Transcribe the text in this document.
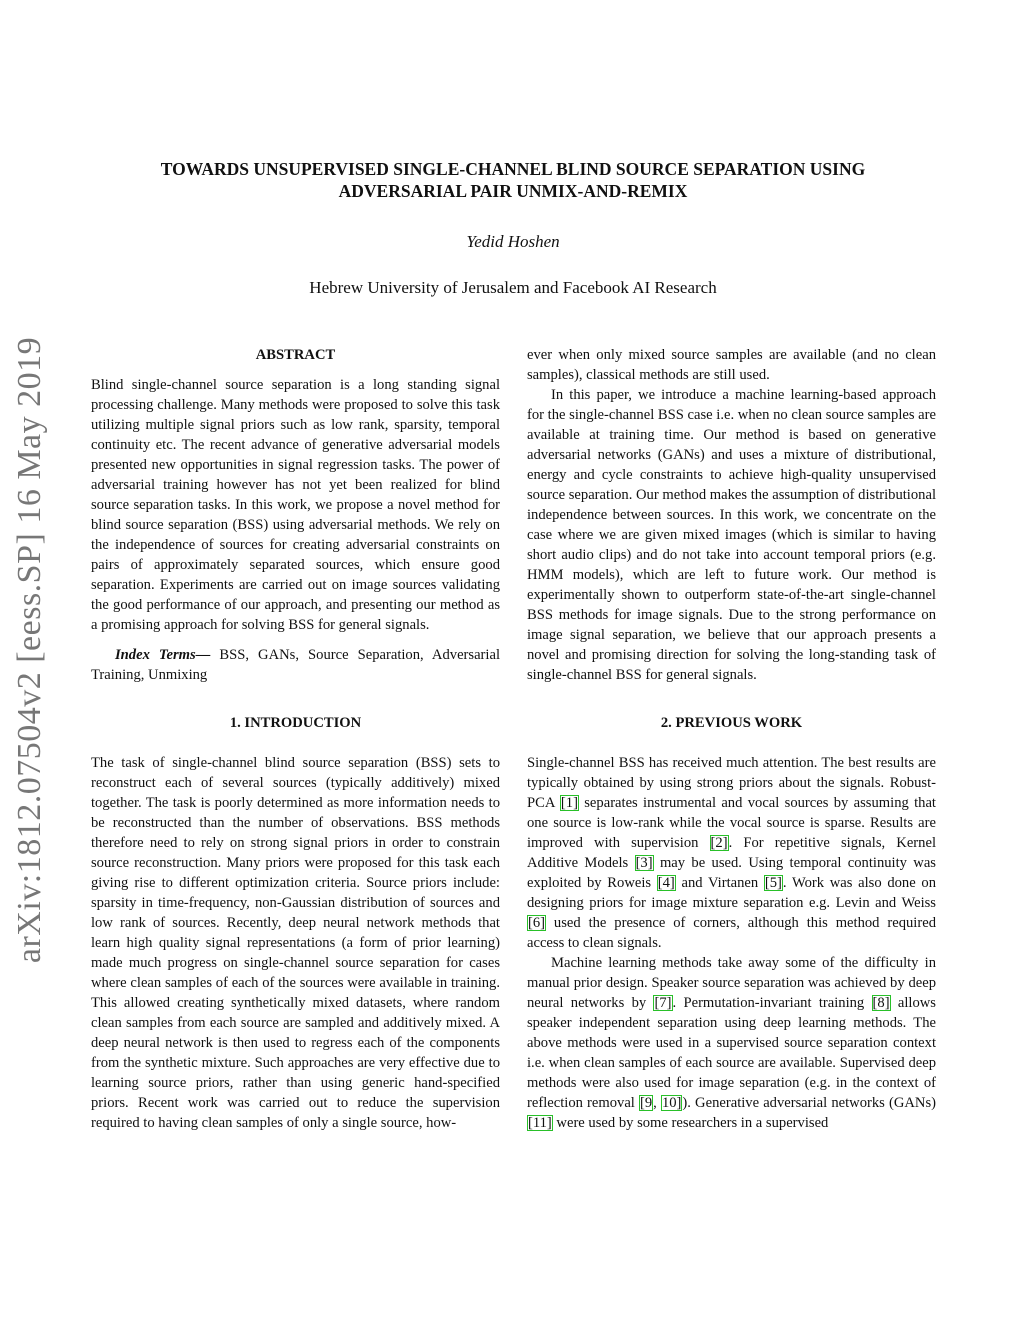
arXiv:1812.07504v2 [eess.SP] 16 May 2019
TOWARDS UNSUPERVISED SINGLE-CHANNEL BLIND SOURCE SEPARATION USING
ADVERSARIAL PAIR UNMIX-AND-REMIX
Yedid Hoshen
Hebrew University of Jerusalem and Facebook AI Research
ABSTRACT

Blind single-channel source separation is a long standing signal processing challenge. Many methods were proposed to solve this task utilizing multiple signal priors such as low rank, sparsity, temporal continuity etc. The recent advance of generative adversarial models presented new opportunities in signal regression tasks. The power of adversarial training however has not yet been realized for blind source separation tasks. In this work, we propose a novel method for blind source separation (BSS) using adversarial methods. We rely on the independence of sources for creating adversarial constraints on pairs of approximately separated sources, which ensure good separation. Experiments are carried out on image sources validating the good performance of our approach, and presenting our method as a promising approach for solving BSS for general signals.

Index Terms— BSS, GANs, Source Separation, Adversarial Training, Unmixing

1. INTRODUCTION

The task of single-channel blind source separation (BSS) sets to reconstruct each of several sources (typically additively) mixed together. The task is poorly determined as more information needs to be reconstructed than the number of observations. BSS methods therefore need to rely on strong signal priors in order to constrain source reconstruction. Many priors were proposed for this task each giving rise to different optimization criteria. Source priors include: sparsity in time-frequency, non-Gaussian distribution of sources and low rank of sources. Recently, deep neural network methods that learn high quality signal representations (a form of prior learning) made much progress on single-channel source separation for cases where clean samples of each of the sources were available in training. This allowed creating synthetically mixed datasets, where random clean samples from each source are sampled and additively mixed. A deep neural network is then used to regress each of the components from the synthetic mixture. Such approaches are very effective due to learning source priors, rather than using generic hand-specified priors. Recent work was carried out to reduce the supervision required to having clean samples of only a single source, how-

ever when only mixed source samples are available (and no clean samples), classical methods are still used.

In this paper, we introduce a machine learning-based approach for the single-channel BSS case i.e. when no clean source samples are available at training time. Our method is based on generative adversarial networks (GANs) and uses a mixture of distributional, energy and cycle constraints to achieve high-quality unsupervised source separation. Our method makes the assumption of distributional independence between sources. In this work, we concentrate on the case where we are given mixed images (which is similar to having short audio clips) and do not take into account temporal priors (e.g. HMM models), which are left to future work. Our method is experimentally shown to outperform state-of-the-art single-channel BSS methods for image signals. Due to the strong performance on image signal separation, we believe that our approach presents a novel and promising direction for solving the long-standing task of single-channel BSS for general signals.

2. PREVIOUS WORK

Single-channel BSS has received much attention. The best results are typically obtained by using strong priors about the signals. Robust-PCA [1] separates instrumental and vocal sources by assuming that one source is low-rank while the vocal source is sparse. Results are improved with supervision [2]. For repetitive signals, Kernel Additive Models [3] may be used. Using temporal continuity was exploited by Roweis [4] and Virtanen [5]. Work was also done on designing priors for image mixture separation e.g. Levin and Weiss [6] used the presence of corners, although this method required access to clean signals.

Machine learning methods take away some of the difficulty in manual prior design. Speaker source separation was achieved by deep neural networks by [7]. Permutation-invariant training [8] allows speaker independent separation using deep learning methods. The above methods were used in a supervised source separation context i.e. when clean samples of each source are available. Supervised deep methods were also used for image separation (e.g. in the context of reflection removal [9, 10]). Generative adversarial networks (GANs) [11] were used by some researchers in a supervised
